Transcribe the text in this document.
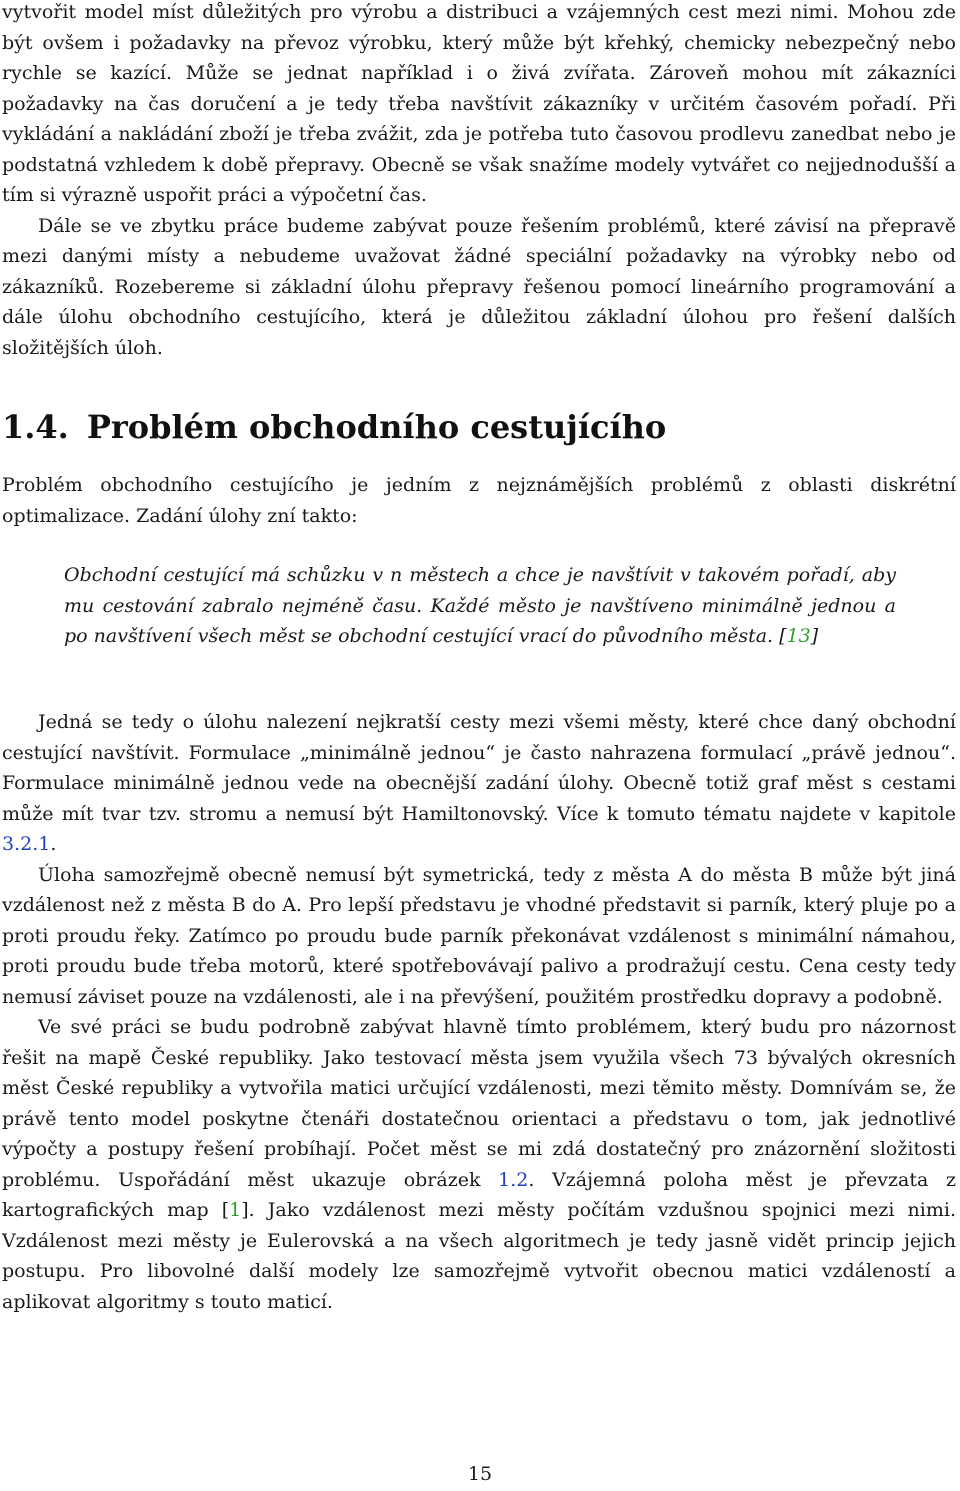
vytvořit model míst důležitých pro výrobu a distribuci a vzájemných cest mezi nimi. Mohou zde být ovšem i požadavky na převoz výrobku, který může být křehký, chemicky nebezpečný nebo rychle se kazící. Může se jednat například i o živá zvířata. Zároveň mohou mít zákazníci požadavky na čas doručení a je tedy třeba navštívit zákazníky v určitém časovém pořadí. Při vykládání a nakládání zboží je třeba zvážit, zda je potřeba tuto časovou prodlevu zanedbat nebo je podstatná vzhledem k době přepravy. Obecně se však snažíme modely vytvářet co nejjednodušší a tím si výrazně uspořit práci a výpočetní čas.

Dále se ve zbytku práce budeme zabývat pouze řešením problémů, které závisí na přepravě mezi danými místy a nebudeme uvažovat žádné speciální požadavky na výrobky nebo od zákazníků. Rozebereme si základní úlohu přepravy řešenou pomocí lineárního programování a dále úlohu obchodního cestujícího, která je důležitou základní úlohou pro řešení dalších složitějších úloh.

1.4. Problém obchodního cestujícího

Problém obchodního cestujícího je jedním z nejznámějších problémů z oblasti diskrétní optimalizace. Zadání úlohy zní takto:

Obchodní cestující má schůzku v n městech a chce je navštívit v takovém pořadí, aby mu cestování zabralo nejméně času. Každé město je navštíveno minimálně jednou a po navštívení všech měst se obchodní cestující vrací do původního města. [13]

Jedná se tedy o úlohu nalezení nejkratší cesty mezi všemi městy, které chce daný obchodní cestující navštívit. Formulace „minimálně jednou“ je často nahrazena formulací „právě jednou“. Formulace minimálně jednou vede na obecnější zadání úlohy. Obecně totiž graf měst s cestami může mít tvar tzv. stromu a nemusí být Hamiltonovský. Více k tomuto tématu najdete v kapitole 3.2.1.

Úloha samozřejmě obecně nemusí být symetrická, tedy z města A do města B může být jiná vzdálenost než z města B do A. Pro lepší představu je vhodné představit si parník, který pluje po a proti proudu řeky. Zatímco po proudu bude parník překonávat vzdálenost s minimální námahou, proti proudu bude třeba motorů, které spotřebovávají palivo a prodražují cestu. Cena cesty tedy nemusí záviset pouze na vzdálenosti, ale i na převýšení, použitém prostředku dopravy a podobně.

Ve své práci se budu podrobně zabývat hlavně tímto problémem, který budu pro názornost řešit na mapě České republiky. Jako testovací města jsem využila všech 73 bývalých okresních měst České republiky a vytvořila matici určující vzdálenosti, mezi těmito městy. Domnívám se, že právě tento model poskytne čtenáři dostatečnou orientaci a představu o tom, jak jednotlivé výpočty a postupy řešení probíhají. Počet měst se mi zdá dostatečný pro znázornění složitosti problému. Uspořádání měst ukazuje obrázek 1.2. Vzájemná poloha měst je převzata z kartografických map [1]. Jako vzdálenost mezi městy počítám vzdušnou spojnici mezi nimi. Vzdálenost mezi městy je Eulerovská a na všech algoritmech je tedy jasně vidět princip jejich postupu. Pro libovolné další modely lze samozřejmě vytvořit obecnou matici vzdáleností a aplikovat algoritmy s touto maticí.

15
